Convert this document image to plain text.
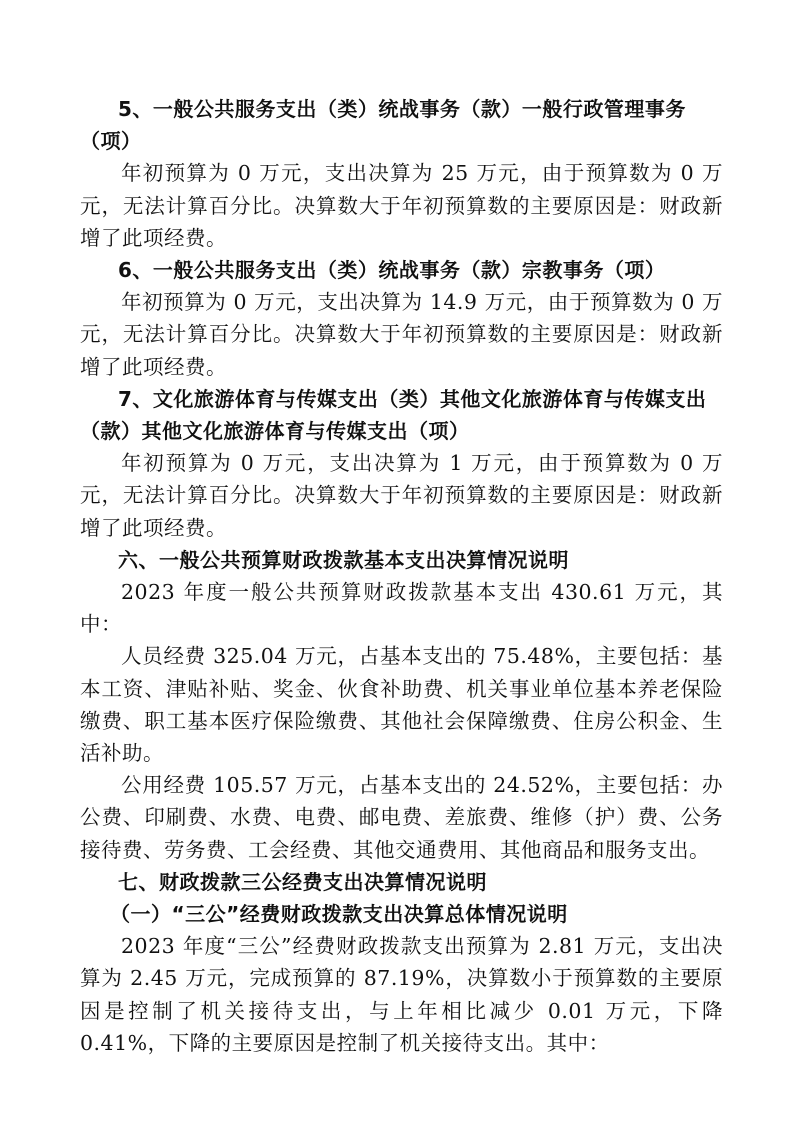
5、一般公共服务支出（类）统战事务（款）一般行政管理事务（项）

年初预算为 0 万元，支出决算为 25 万元，由于预算数为 0 万元，无法计算百分比。决算数大于年初预算数的主要原因是：财政新增了此项经费。

6、一般公共服务支出（类）统战事务（款）宗教事务（项）

年初预算为 0 万元，支出决算为 14.9 万元，由于预算数为 0 万元，无法计算百分比。决算数大于年初预算数的主要原因是：财政新增了此项经费。

7、文化旅游体育与传媒支出（类）其他文化旅游体育与传媒支出（款）其他文化旅游体育与传媒支出（项）

年初预算为 0 万元，支出决算为 1 万元，由于预算数为 0 万元，无法计算百分比。决算数大于年初预算数的主要原因是：财政新增了此项经费。

六、一般公共预算财政拨款基本支出决算情况说明

2023 年度一般公共预算财政拨款基本支出 430.61 万元，其中：

人员经费 325.04 万元，占基本支出的 75.48%，主要包括：基本工资、津贴补贴、奖金、伙食补助费、机关事业单位基本养老保险缴费、职工基本医疗保险缴费、其他社会保障缴费、住房公积金、生活补助。

公用经费 105.57 万元，占基本支出的 24.52%，主要包括：办公费、印刷费、水费、电费、邮电费、差旅费、维修（护）费、公务接待费、劳务费、工会经费、其他交通费用、其他商品和服务支出。

七、财政拨款三公经费支出决算情况说明

（一）“三公”经费财政拨款支出决算总体情况说明

2023 年度“三公”经费财政拨款支出预算为 2.81 万元，支出决算为 2.45 万元，完成预算的 87.19%，决算数小于预算数的主要原因是控制了机关接待支出，与上年相比减少 0.01 万元，下降 0.41%，下降的主要原因是控制了机关接待支出。其中：
